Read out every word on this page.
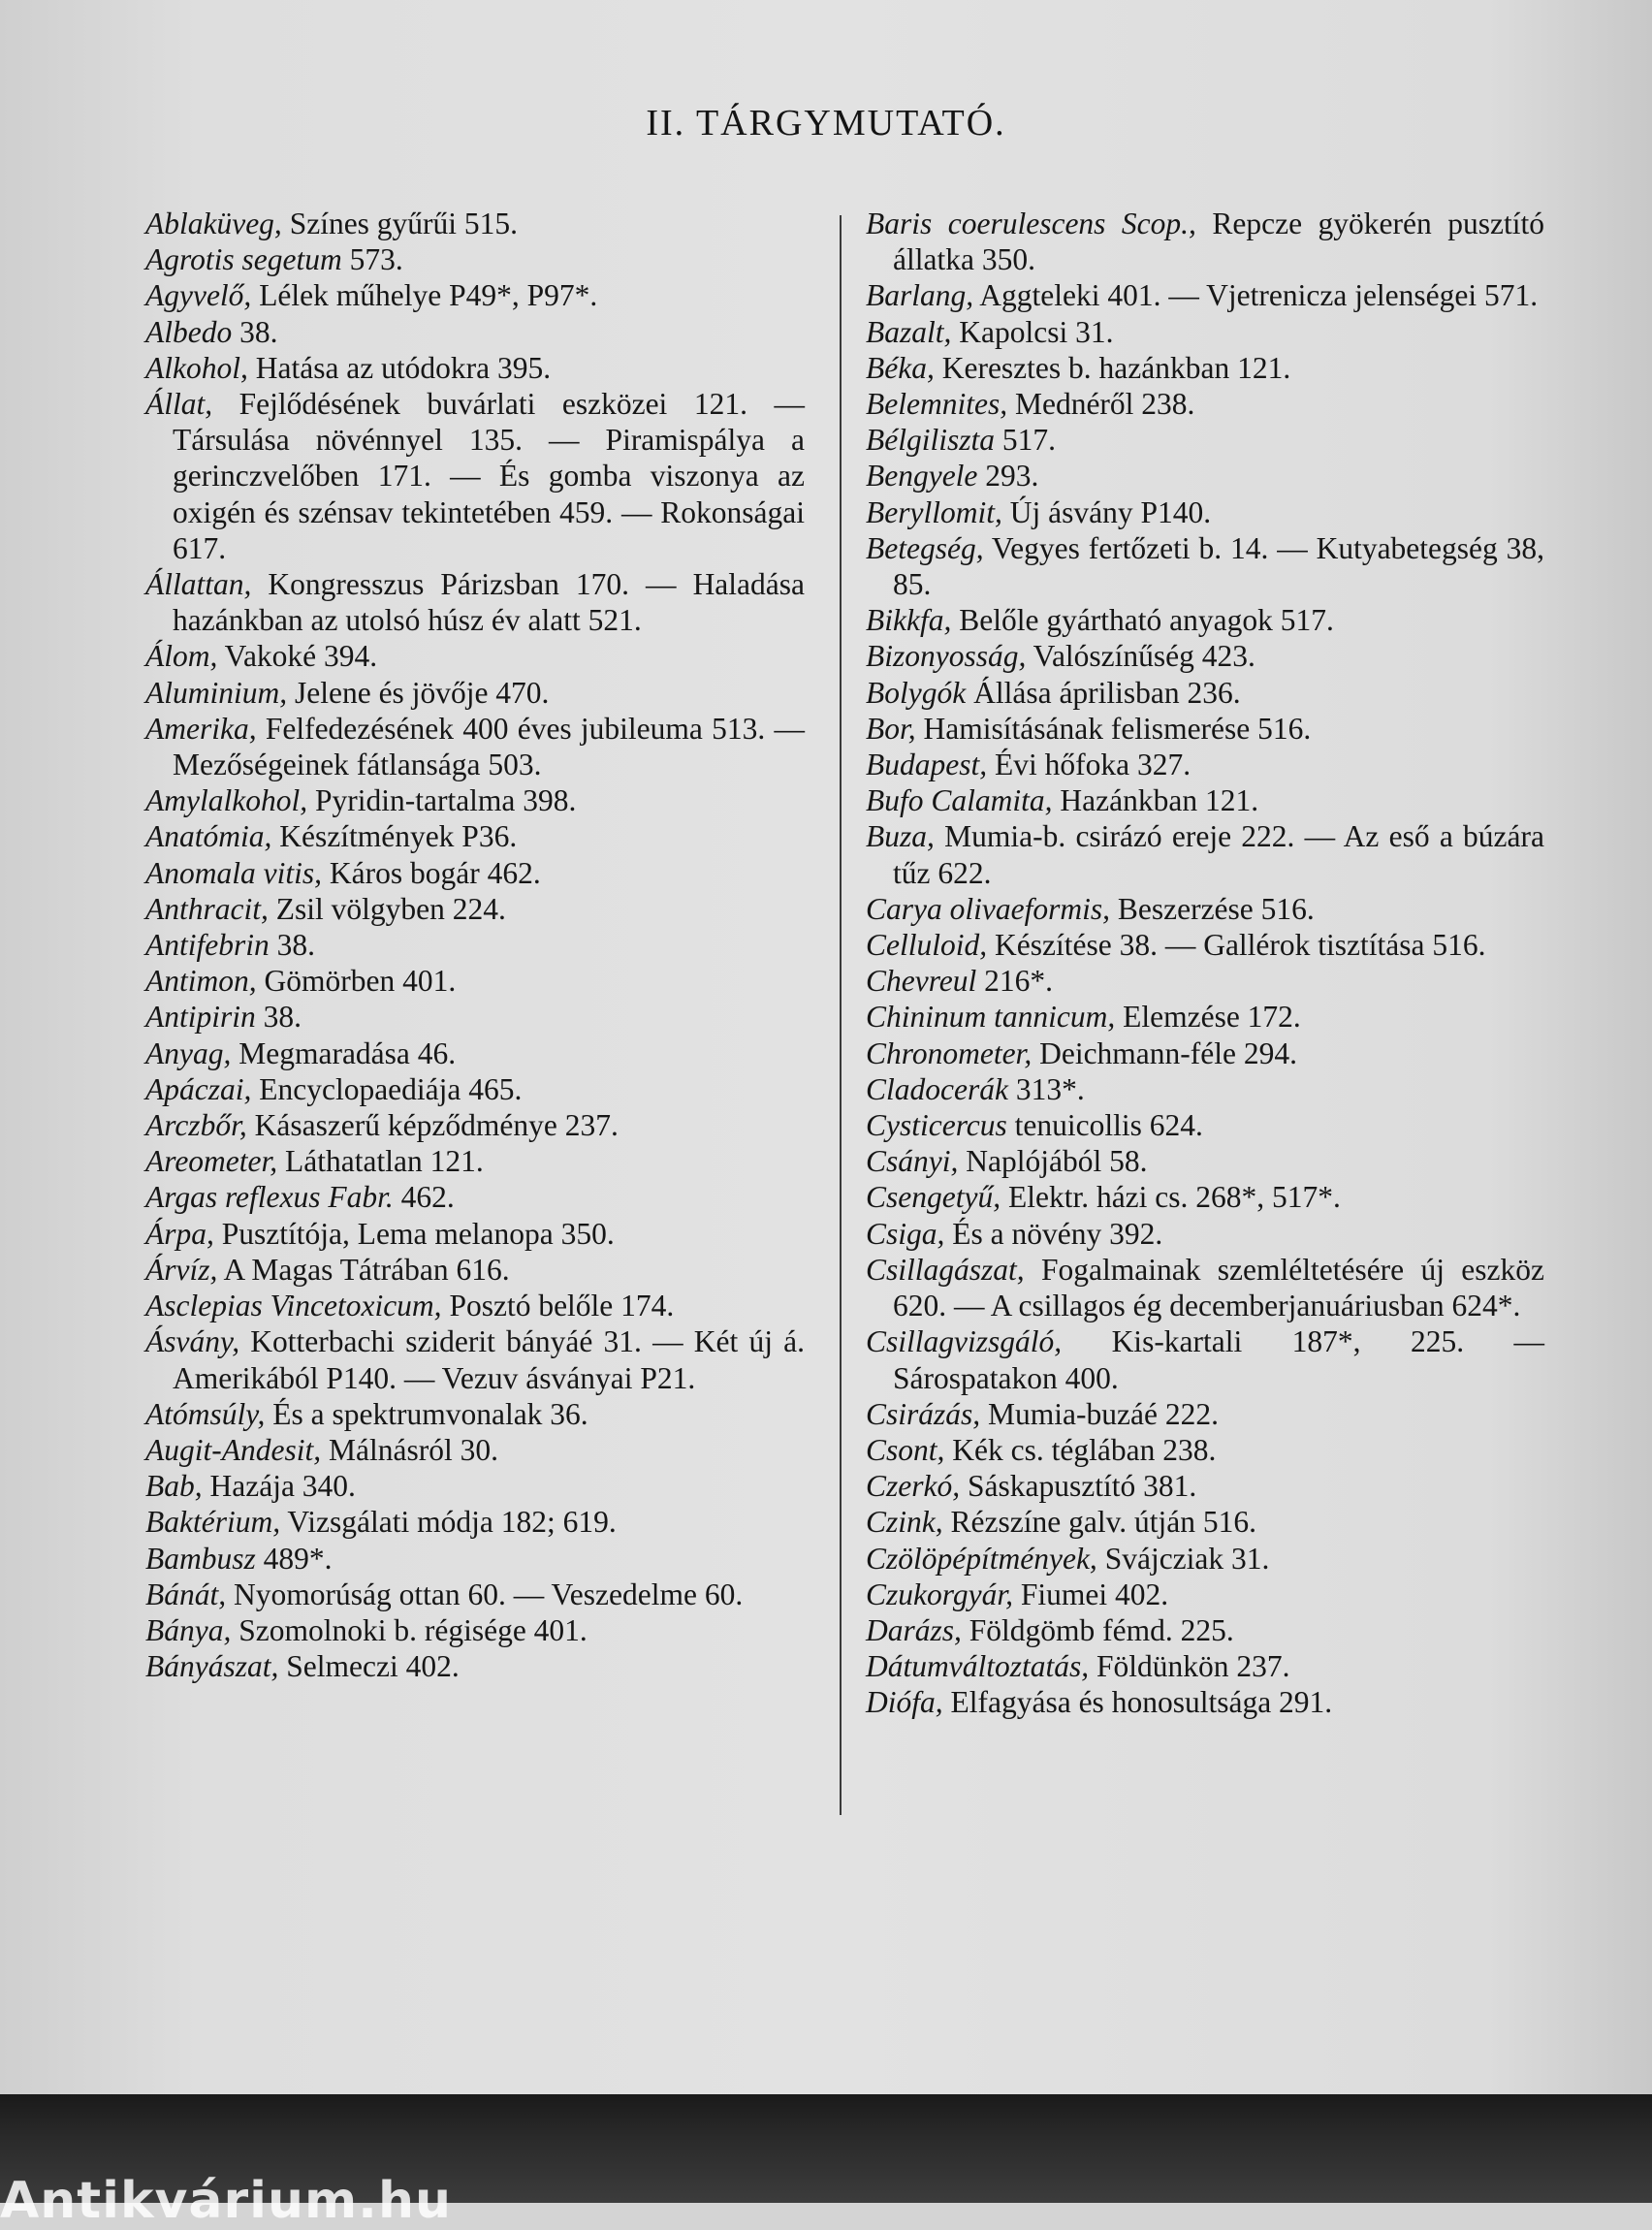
II. TÁRGYMUTATÓ.
Ablaküveg, Színes gyűrűi 515.
Agrotis segetum 573.
Agyvelő, Lélek műhelye P49*, P97*.
Albedo 38.
Alkohol, Hatása az utódokra 395.
Állat, Fejlődésének buvárlati eszközei 121. — Társulása növénnyel 135. — Piramispálya a gerinczvelőben 171. — És gomba viszonya az oxigén és szénsav tekintetében 459. — Rokonságai 617.
Állattan, Kongresszus Párizsban 170. — Haladása hazánkban az utolsó húsz év alatt 521.
Álom, Vakoké 394.
Aluminium, Jelene és jövője 470.
Amerika, Felfedezésének 400 éves jubileuma 513. — Mezőségeinek fátlansága 503.
Amylalkohol, Pyridin-tartalma 398.
Anatómia, Készítmények P36.
Anomala vitis, Káros bogár 462.
Anthracit, Zsil völgyben 224.
Antifebrin 38.
Antimon, Gömörben 401.
Antipirin 38.
Anyag, Megmaradása 46.
Apáczai, Encyclopaediája 465.
Arczbőr, Kásaszerű képződménye 237.
Areometer, Láthatatlan 121.
Argas reflexus Fabr. 462.
Árpa, Pusztítója, Lema melanopa 350.
Árvíz, A Magas Tátrában 616.
Asclepias Vincetoxicum, Posztó belőle 174.
Ásvány, Kotterbachi sziderit bányáé 31. — Két új á. Amerikából P140. — Vezuv ásványai P21.
Atómsúly, És a spektrumvonalak 36.
Augit-Andesit, Málnásról 30.
Bab, Hazája 340.
Baktérium, Vizsgálati módja 182; 619.
Bambusz 489*.
Bánát, Nyomorúság ottan 60. — Veszedelme 60.
Bánya, Szomolnoki b. régisége 401.
Bányászat, Selmeczi 402.
Baris coerulescens Scop., Repcze gyökerén pusztító állatka 350.
Barlang, Aggteleki 401. — Vjetrenicza jelenségei 571.
Bazalt, Kapolcsi 31.
Béka, Keresztes b. hazánkban 121.
Belemnites, Mednéről 238.
Bélgiliszta 517.
Bengyele 293.
Beryllomit, Új ásvány P140.
Betegség, Vegyes fertőzeti b. 14. — Kutyabetegség 38, 85.
Bikkfa, Belőle gyártható anyagok 517.
Bizonyosság, Valószínűség 423.
Bolygók Állása áprilisban 236.
Bor, Hamisításának felismerése 516.
Budapest, Évi hőfoka 327.
Bufo Calamita, Hazánkban 121.
Buza, Mumia-b. csirázó ereje 222. — Az eső a búzára tűz 622.
Carya olivaeformis, Beszerzése 516.
Celluloid, Készítése 38. — Gallérok tisztítása 516.
Chevreul 216*.
Chininum tannicum, Elemzése 172.
Chronometer, Deichmann-féle 294.
Cladocerák 313*.
Cysticercus tenuicollis 624.
Csányi, Naplójából 58.
Csengetyű, Elektr. házi cs. 268*, 517*.
Csiga, És a növény 392.
Csillagászat, Fogalmainak szemléltetésére új eszköz 620. — A csillagos ég decemberjanuáriusban 624*.
Csillagvizsgáló, Kis-kartali 187*, 225. — Sárospatakon 400.
Csirázás, Mumia-buzáé 222.
Csont, Kék cs. téglában 238.
Czerkó, Sáskapusztító 381.
Czink, Rézszíne galv. útján 516.
Czölöpépítmények, Svájcziak 31.
Czukorgyár, Fiumei 402.
Darázs, Földgömb fémd. 225.
Dátumváltoztatás, Földünkön 237.
Diófa, Elfagyása és honosultsága 291.
Antikvárium.hu
